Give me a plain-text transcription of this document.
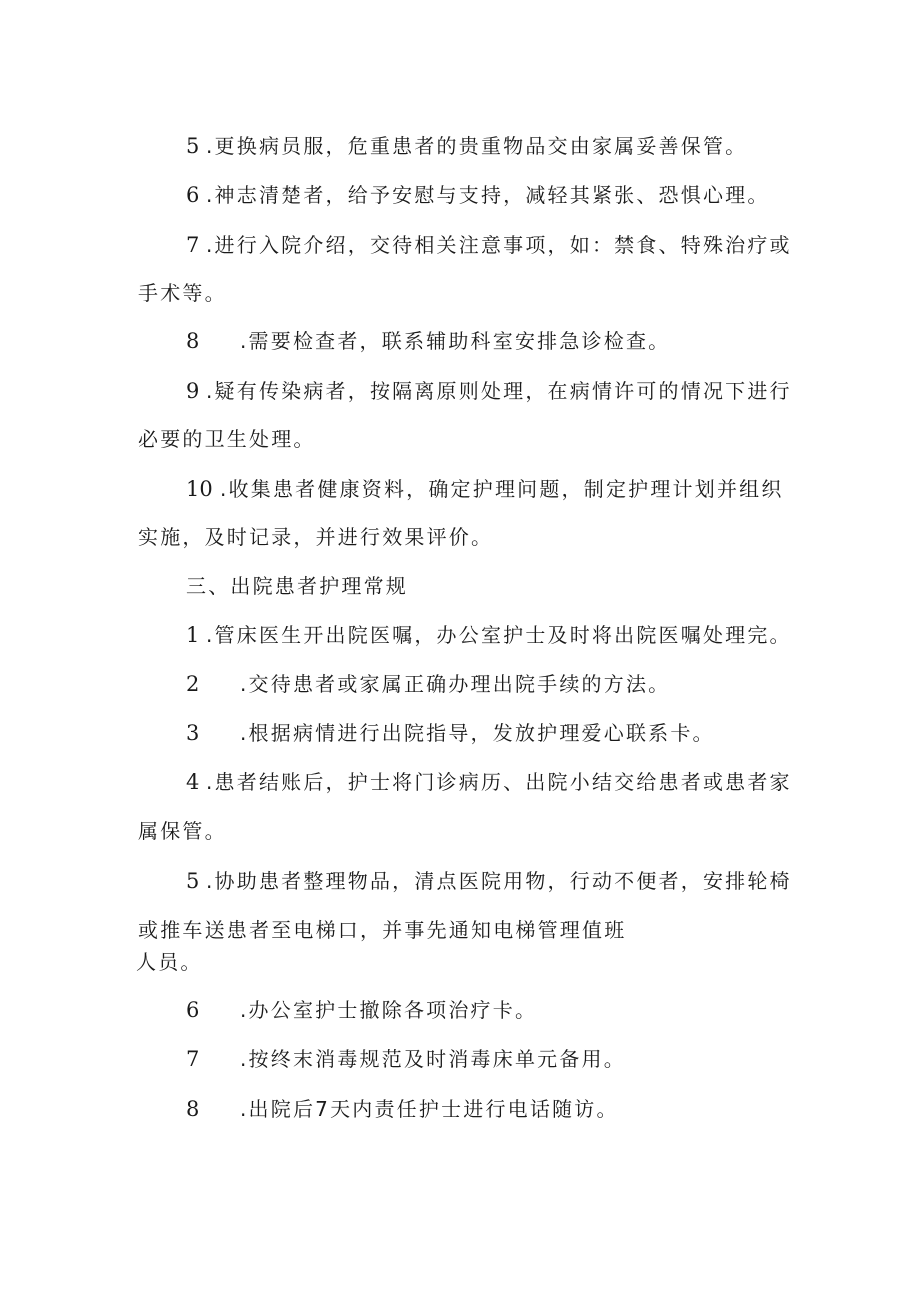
5 .更换病员服，危重患者的贵重物品交由家属妥善保管。
6 .神志清楚者，给予安慰与支持，减轻其紧张、恐惧心理。
7 .进行入院介绍，交待相关注意事项，如：禁食、特殊治疗或
手术等。
8 .需要检查者，联系辅助科室安排急诊检查。
9 .疑有传染病者，按隔离原则处理，在病情许可的情况下进行
必要的卫生处理。
10 .收集患者健康资料，确定护理问题，制定护理计划并组织
实施，及时记录，并进行效果评价。
三、出院患者护理常规
1 .管床医生开出院医嘱，办公室护士及时将出院医嘱处理完。
2 .交待患者或家属正确办理出院手续的方法。
3 .根据病情进行出院指导，发放护理爱心联系卡。
4 .患者结账后，护士将门诊病历、出院小结交给患者或患者家
属保管。
5 .协助患者整理物品，清点医院用物，行动不便者，安排轮椅
或推车送患者至电梯口，并事先通知电梯管理值班
人员。
6 .办公室护士撤除各项治疗卡。
7 .按终末消毒规范及时消毒床单元备用。
8 .出院后7天内责任护士进行电话随访。
